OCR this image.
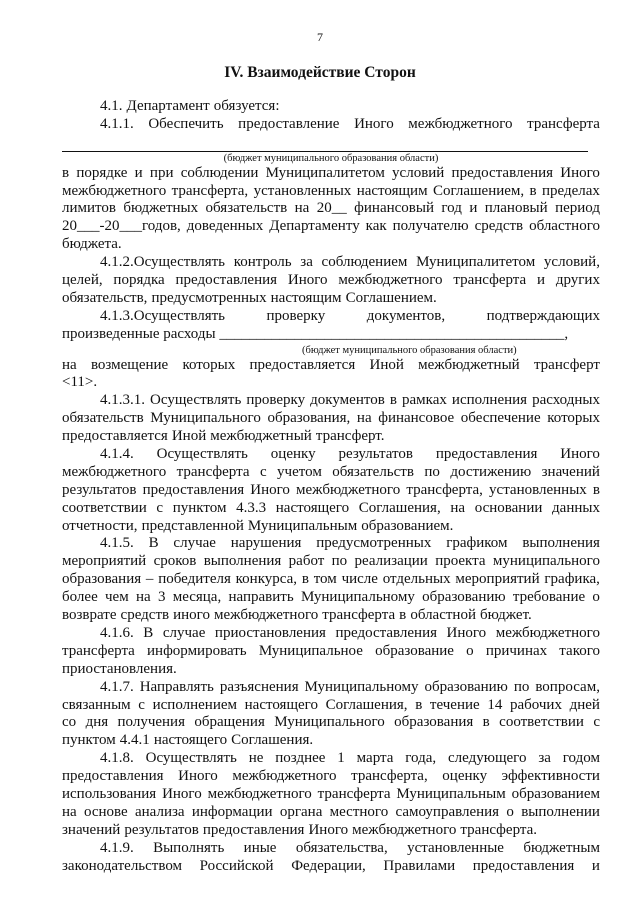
7
IV. Взаимодействие Сторон
4.1. Департамент обязуется:
4.1.1. Обеспечить предоставление Иного межбюджетного трансферта
(бюджет муниципального образования области)
в порядке и при соблюдении Муниципалитетом условий предоставления Иного
межбюджетного трансферта, установленных настоящим Соглашением, в пределах
лимитов бюджетных обязательств на 20__ финансовый год и плановый период
20___-20___годов, доведенных Департаменту как получателю средств областного
бюджета.
4.1.2.Осуществлять контроль за соблюдением Муниципалитетом условий,
целей, порядка предоставления Иного межбюджетного трансферта и других
обязательств, предусмотренных настоящим Соглашением.
4.1.3.Осуществлять	проверку	документов,	подтверждающих
произведенные расходы ______________________________________________,
(бюджет муниципального образования области)
на возмещение которых предоставляется Иной межбюджетный трансферт
<11>.
4.1.3.1. Осуществлять проверку документов в рамках исполнения расходных
обязательств Муниципального образования, на финансовое обеспечение которых
предоставляется Иной межбюджетный трансферт.
4.1.4. Осуществлять оценку результатов предоставления Иного
межбюджетного трансферта с учетом обязательств по достижению значений
результатов предоставления Иного межбюджетного трансферта, установленных в
соответствии с пунктом 4.3.3 настоящего Соглашения, на основании данных
отчетности, представленной Муниципальным образованием.
4.1.5. В случае нарушения предусмотренных графиком выполнения
мероприятий сроков выполнения работ по реализации проекта муниципального
образования – победителя конкурса, в том числе отдельных мероприятий графика,
более чем на 3 месяца, направить Муниципальному образованию требование о
возврате средств иного межбюджетного трансферта в областной бюджет.
4.1.6. В случае приостановления предоставления Иного межбюджетного
трансферта информировать Муниципальное образование о причинах такого
приостановления.
4.1.7. Направлять разъяснения Муниципальному образованию по вопросам,
связанным с исполнением настоящего Соглашения, в течение 14 рабочих дней
со дня получения обращения Муниципального образования в соответствии с
пунктом 4.4.1 настоящего Соглашения.
4.1.8. Осуществлять не позднее 1 марта года, следующего за годом
предоставления Иного межбюджетного трансферта, оценку эффективности
использования Иного межбюджетного трансферта Муниципальным образованием
на основе анализа информации органа местного самоуправления о выполнении
значений результатов предоставления Иного межбюджетного трансферта.
4.1.9. Выполнять иные обязательства, установленные бюджетным
законодательством Российской Федерации, Правилами предоставления и
